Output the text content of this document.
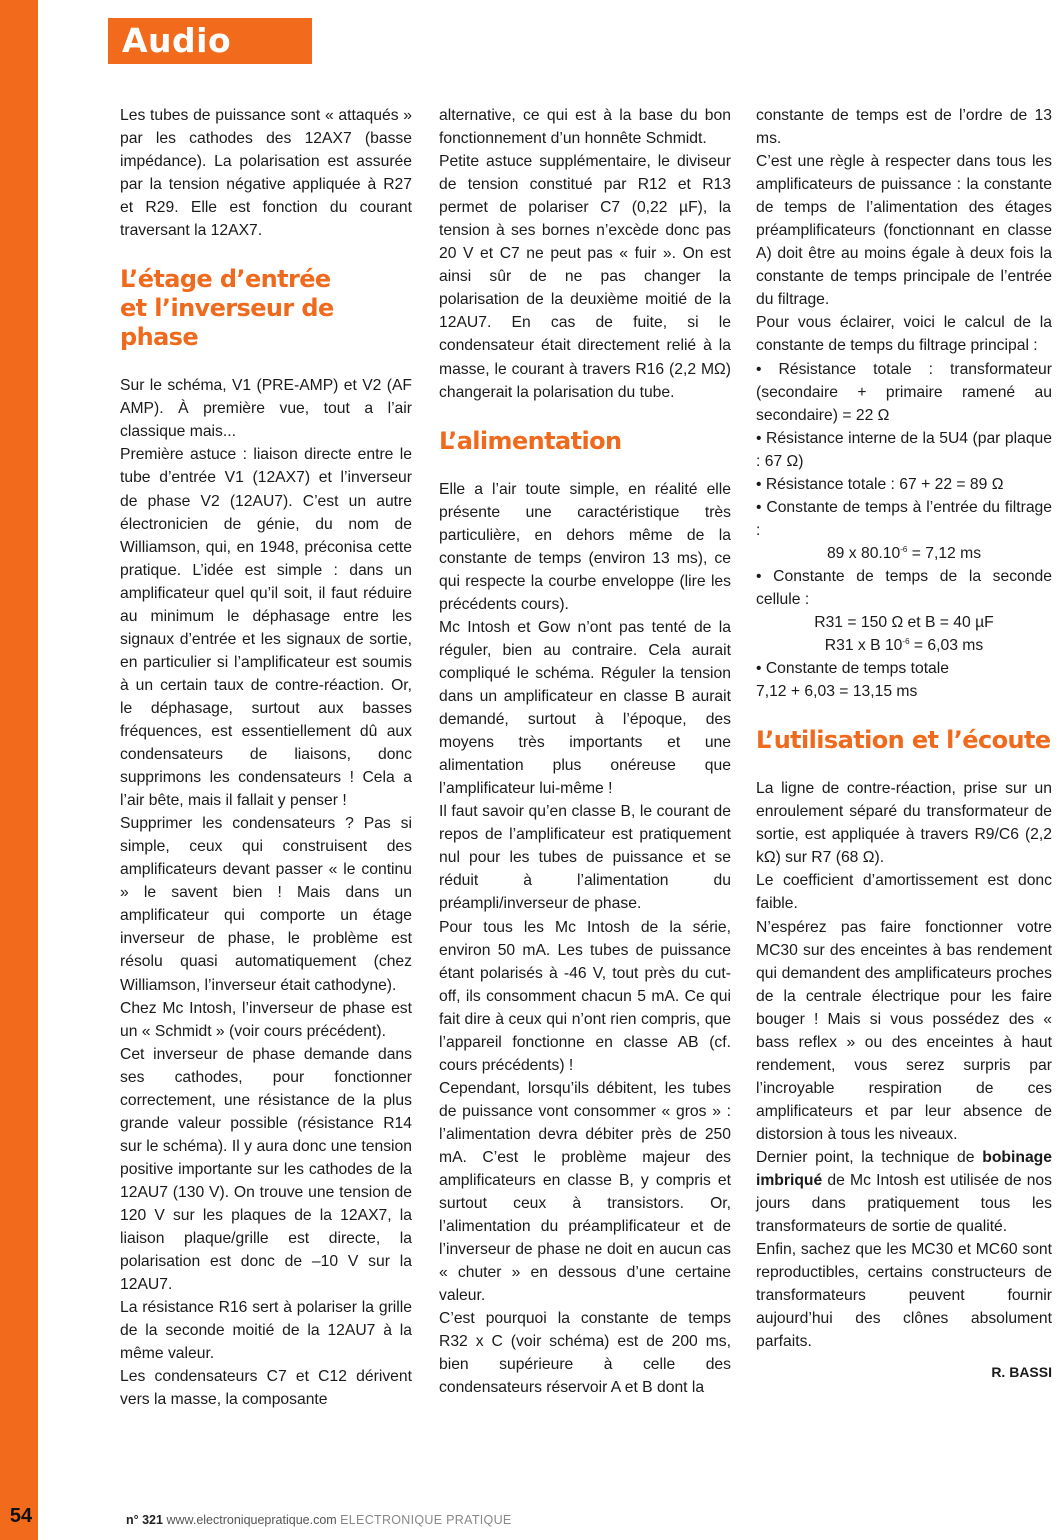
Audio

Les tubes de puissance sont « attaqués » par les cathodes des 12AX7 (basse impédance). La polarisation est assurée par la tension négative appliquée à R27 et R29. Elle est fonction du courant traversant la 12AX7.

L’étage d’entrée
et l’inverseur de phase

Sur le schéma, V1 (PRE-AMP) et V2 (AF AMP). À première vue, tout a l’air classique mais...

Première astuce : liaison directe entre le tube d’entrée V1 (12AX7) et l’inverseur de phase V2 (12AU7). C’est un autre électronicien de génie, du nom de Williamson, qui, en 1948, préconisa cette pratique. L’idée est simple : dans un amplificateur quel qu’il soit, il faut réduire au minimum le déphasage entre les signaux d’entrée et les signaux de sortie, en particulier si l’amplificateur est soumis à un certain taux de contre-réaction. Or, le déphasage, surtout aux basses fréquences, est essentiellement dû aux condensateurs de liaisons, donc supprimons les condensateurs ! Cela a l’air bête, mais il fallait y penser !

Supprimer les condensateurs ? Pas si simple, ceux qui construisent des amplificateurs devant passer « le continu » le savent bien ! Mais dans un amplificateur qui comporte un étage inverseur de phase, le problème est résolu quasi automatiquement (chez Williamson, l’inverseur était cathodyne).

Chez Mc Intosh, l’inverseur de phase est un « Schmidt » (voir cours précédent).

Cet inverseur de phase demande dans ses cathodes, pour fonctionner correctement, une résistance de la plus grande valeur possible (résistance R14 sur le schéma). Il y aura donc une tension positive importante sur les cathodes de la 12AU7 (130 V). On trouve une tension de 120 V sur les plaques de la 12AX7, la liaison plaque/grille est directe, la polarisation est donc de –10 V sur la 12AU7.

La résistance R16 sert à polariser la grille de la seconde moitié de la 12AU7 à la même valeur.

Les condensateurs C7 et C12 dérivent vers la masse, la composante

alternative, ce qui est à la base du bon fonctionnement d’un honnête Schmidt.

Petite astuce supplémentaire, le diviseur de tension constitué par R12 et R13 permet de polariser C7 (0,22 µF), la tension à ses bornes n’excède donc pas 20 V et C7 ne peut pas « fuir ». On est ainsi sûr de ne pas changer la polarisation de la deuxième moitié de la 12AU7. En cas de fuite, si le condensateur était directement relié à la masse, le courant à travers R16 (2,2 MΩ) changerait la polarisation du tube.

L’alimentation

Elle a l’air toute simple, en réalité elle présente une caractéristique très particulière, en dehors même de la constante de temps (environ 13 ms), ce qui respecte la courbe enveloppe (lire les précédents cours).

Mc Intosh et Gow n’ont pas tenté de la réguler, bien au contraire. Cela aurait compliqué le schéma. Réguler la tension dans un amplificateur en classe B aurait demandé, surtout à l’époque, des moyens très importants et une alimentation plus onéreuse que l’amplificateur lui-même !

Il faut savoir qu’en classe B, le courant de repos de l’amplificateur est pratiquement nul pour les tubes de puissance et se réduit à l’alimentation du préampli/inverseur de phase.

Pour tous les Mc Intosh de la série, environ 50 mA. Les tubes de puissance étant polarisés à -46 V, tout près du cut-off, ils consomment chacun 5 mA. Ce qui fait dire à ceux qui n’ont rien compris, que l’appareil fonctionne en classe AB (cf. cours précédents) !

Cependant, lorsqu’ils débitent, les tubes de puissance vont consommer « gros » : l’alimentation devra débiter près de 250 mA. C’est le problème majeur des amplificateurs en classe B, y compris et surtout ceux à transistors. Or, l’alimentation du préamplificateur et de l’inverseur de phase ne doit en aucun cas « chuter » en dessous d’une certaine valeur.

C’est pourquoi la constante de temps R32 x C (voir schéma) est de 200 ms, bien supérieure à celle des condensateurs réservoir A et B dont la

constante de temps est de l’ordre de 13 ms.

C’est une règle à respecter dans tous les amplificateurs de puissance : la constante de temps de l’alimentation des étages préamplificateurs (fonctionnant en classe A) doit être au moins égale à deux fois la constante de temps principale de l’entrée du filtrage.

Pour vous éclairer, voici le calcul de la constante de temps du filtrage principal :

• Résistance totale : transformateur (secondaire + primaire ramené au secondaire) = 22 Ω

• Résistance interne de la 5U4 (par plaque : 67 Ω)

• Résistance totale : 67 + 22 = 89 Ω

• Constante de temps à l’entrée du filtrage :

89 x $80.10^{-6} = 7,12$ ms

• Constante de temps de la seconde cellule :

R31 = 150 Ω et B = 40 µF

R31 x B $10^{-6} = 6,03$ ms

• Constante de temps totale

7,12 + 6,03 = 13,15 ms

L’utilisation et l’écoute

La ligne de contre-réaction, prise sur un enroulement séparé du transformateur de sortie, est appliquée à travers R9/C6 (2,2 kΩ) sur R7 (68 Ω).

Le coefficient d’amortissement est donc faible.

N’espérez pas faire fonctionner votre MC30 sur des enceintes à bas rendement qui demandent des amplificateurs proches de la centrale électrique pour les faire bouger ! Mais si vous possédez des « bass reflex » ou des enceintes à haut rendement, vous serez surpris par l’incroyable respiration de ces amplificateurs et par leur absence de distorsion à tous les niveaux.

Dernier point, la technique de bobinage imbriqué de Mc Intosh est utilisée de nos jours dans pratiquement tous les transformateurs de sortie de qualité.

Enfin, sachez que les MC30 et MC60 sont reproductibles, certains constructeurs de transformateurs peuvent fournir aujourd’hui des clônes absolument parfaits.

R. BASSI

54	n° 321 www.electroniquepratique.com ELECTRONIQUE PRATIQUE
